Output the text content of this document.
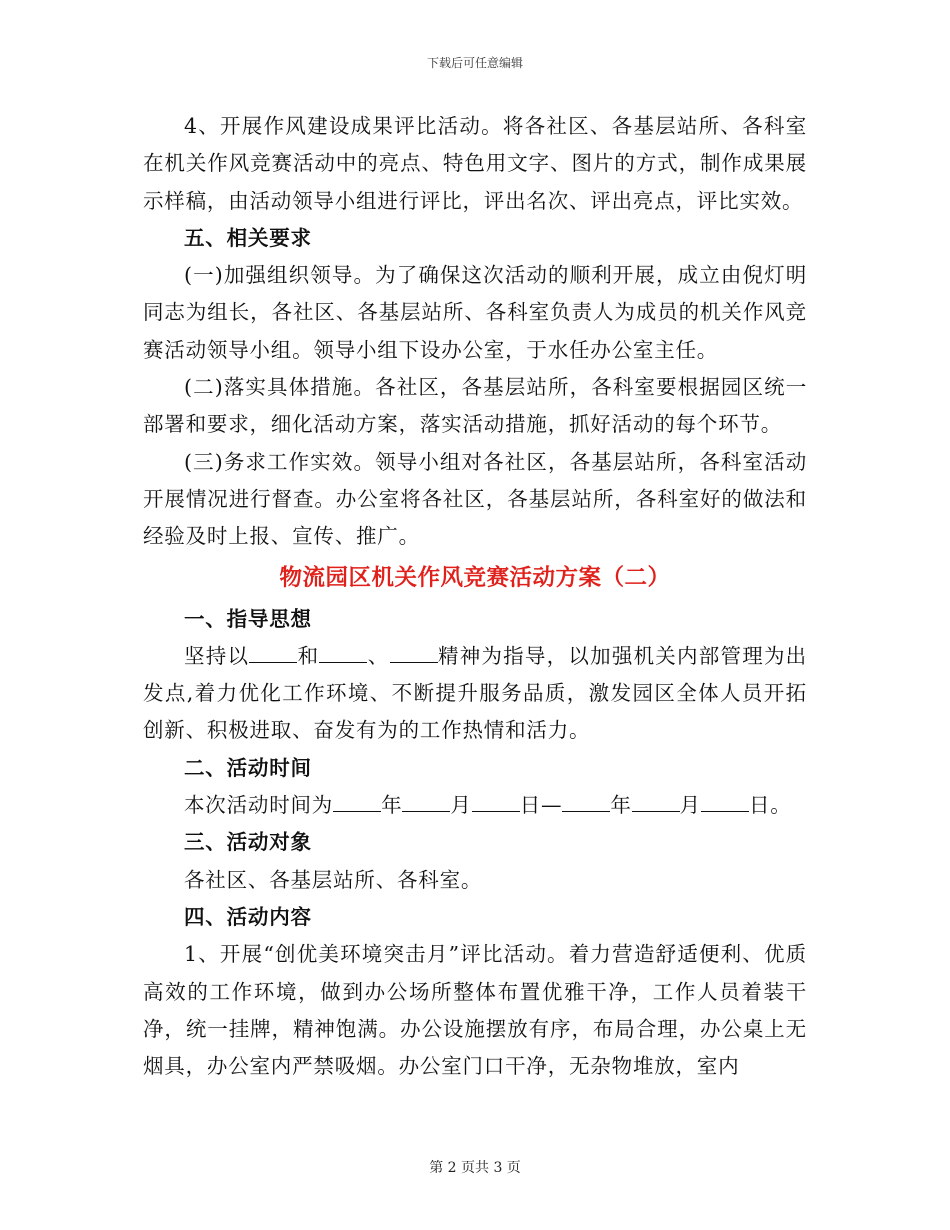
下载后可任意编辑

4、开展作风建设成果评比活动。将各社区、各基层站所、各科室在机关作风竞赛活动中的亮点、特色用文字、图片的方式，制作成果展示样稿，由活动领导小组进行评比，评出名次、评出亮点，评比实效。

五、相关要求

(一)加强组织领导。为了确保这次活动的顺利开展，成立由倪灯明同志为组长，各社区、各基层站所、各科室负责人为成员的机关作风竞赛活动领导小组。领导小组下设办公室，于水任办公室主任。

(二)落实具体措施。各社区，各基层站所，各科室要根据园区统一部署和要求，细化活动方案，落实活动措施，抓好活动的每个环节。

(三)务求工作实效。领导小组对各社区，各基层站所，各科室活动开展情况进行督查。办公室将各社区，各基层站所，各科室好的做法和经验及时上报、宣传、推广。

物流园区机关作风竞赛活动方案（二）

一、指导思想

坚持以 和 、 精神为指导，以加强机关内部管理为出发点,着力优化工作环境、不断提升服务品质，激发园区全体人员开拓创新、积极进取、奋发有为的工作热情和活力。

二、活动时间

本次活动时间为 年 月 日— 年 月 日。

三、活动对象

各社区、各基层站所、各科室。

四、活动内容

1、开展“创优美环境突击月”评比活动。着力营造舒适便利、优质高效的工作环境，做到办公场所整体布置优雅干净，工作人员着装干净，统一挂牌，精神饱满。办公设施摆放有序，布局合理，办公桌上无烟具，办公室内严禁吸烟。办公室门口干净，无杂物堆放，室内

第 2 页共 3 页
